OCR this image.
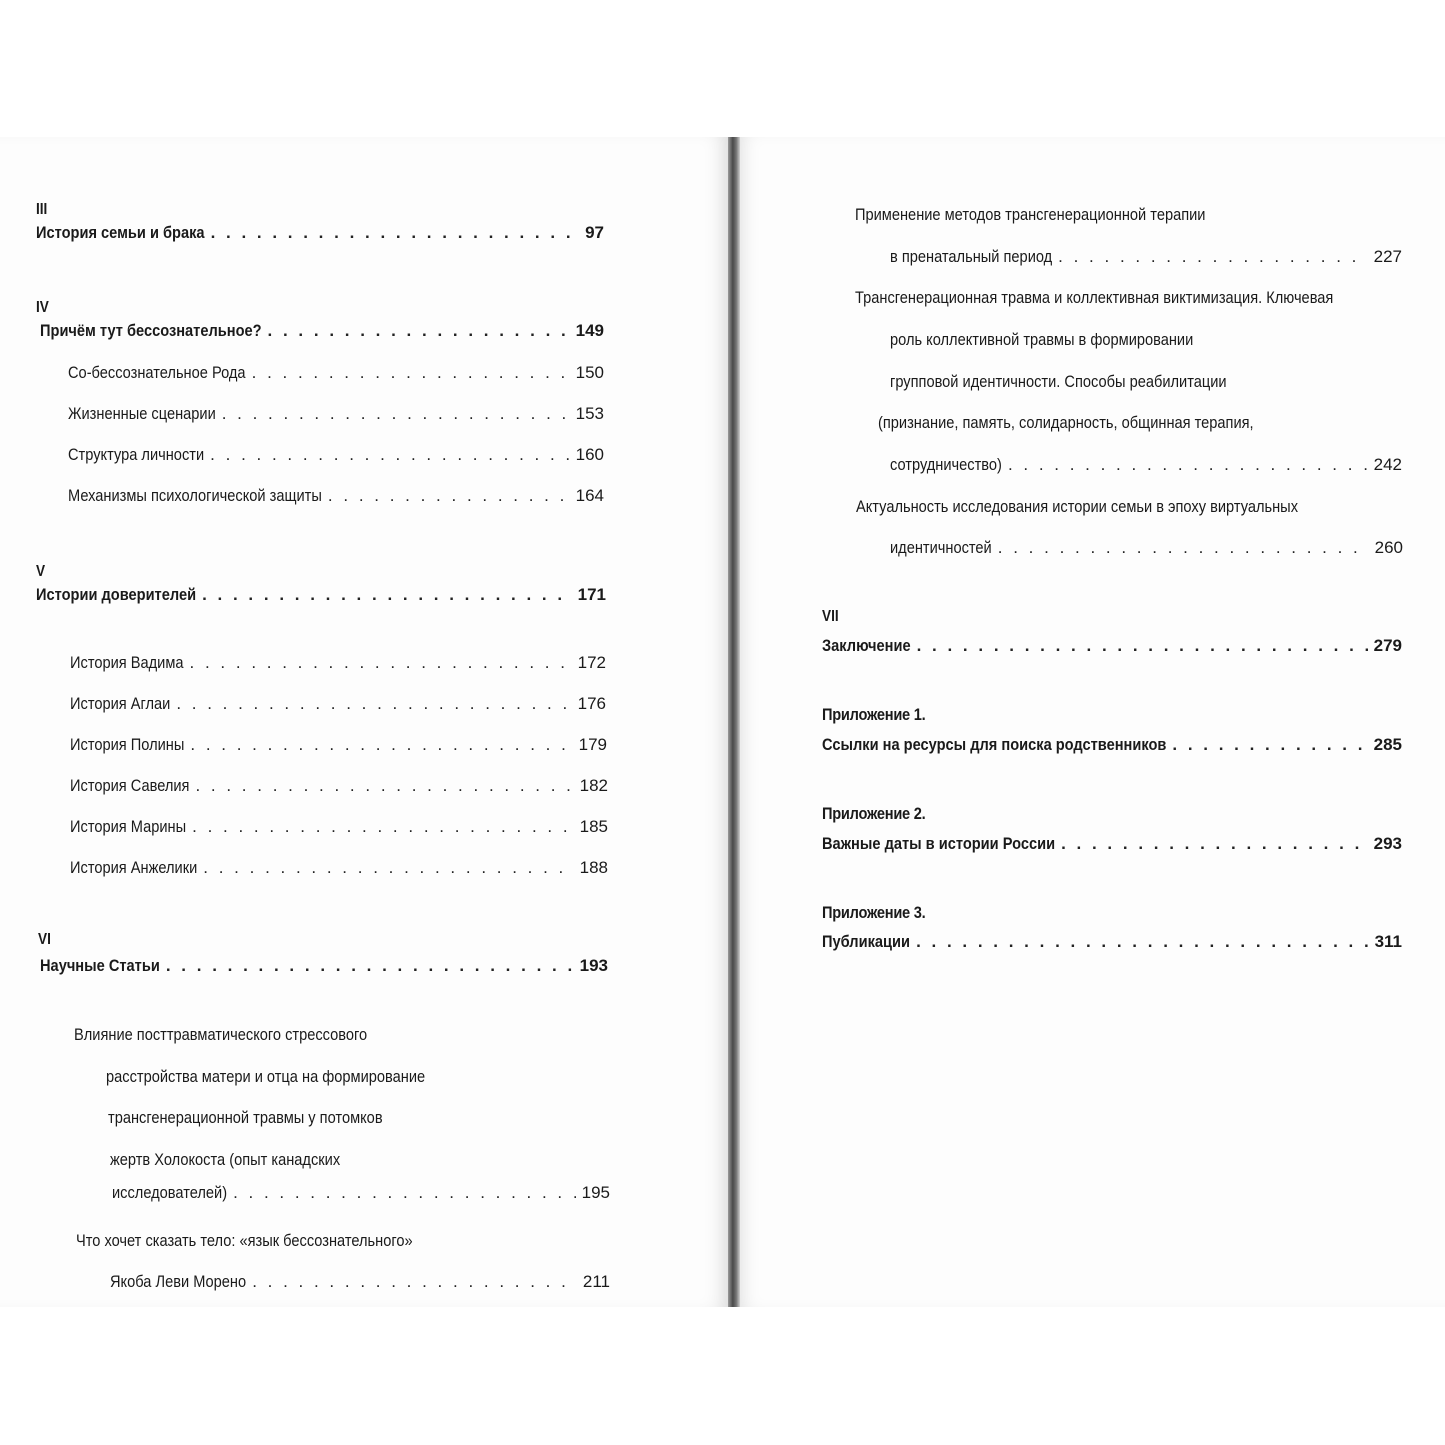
III
История семьи и брака . . .	97
IV
Причём тут бессознательное? . . .	149
Со-бессознательное Рода . . .	150
Жизненные сценарии . . .	153
Структура личности . . .	160
Механизмы психологической защиты . . .	164
V
Истории доверителей . . .	171
История Вадима . . .	172
История Аглаи . . .	176
История Полины . . .	179
История Савелия . . .	182
История Марины . . .	185
История Анжелики . . .	188
VI
Научные Статьи . . .	193
Влияние посттравматического стрессового
расстройства матери и отца на формирование
трансгенерационной травмы у потомков
жертв Холокоста (опыт канадских
исследователей) . . .	195
Что хочет сказать тело: «язык бессознательного»
Якоба Леви Морено . . .	211
Применение методов трансгенерационной терапии
в пренатальный период . . .	227
Трансгенерационная травма и коллективная виктимизация. Ключевая
роль коллективной травмы в формировании
групповой идентичности. Способы реабилитации
(признание, память, солидарность, общинная терапия,
сотрудничество) . . .	242
Актуальность исследования истории семьи в эпоху виртуальных
идентичностей . . .	260
VII
Заключение . . .	279
Приложение 1.
Ссылки на ресурсы для поиска родственников . . .	285
Приложение 2.
Важные даты в истории России . . .	293
Приложение 3.
Публикации . . .	311
